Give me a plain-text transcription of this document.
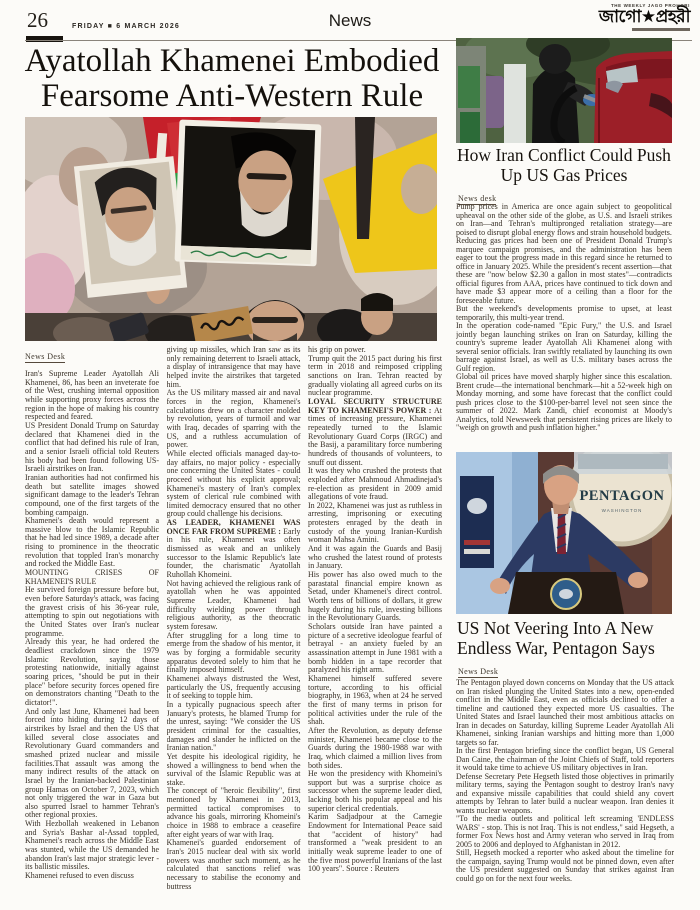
26	FRIDAY ■ 6 MARCH 2026	News
THE WEEKLY JAGO PROHORI
জাগো★প্রহরী
Ayatollah Khamenei Embodied Fearsome Anti-Western Rule
News Desk

Iran's Supreme Leader Ayatollah Ali Khamenei, 86, has been an inveterate foe of the West, crushing internal opposition while supporting proxy forces across the region in the hope of making his country respected and feared.

US President Donald Trump on Saturday declared that Khamenei died in the conflict that had defined his rule of Iran, and a senior Israeli official told Reuters his body had been found following US-Israeli airstrikes on Iran.

Iranian authorities had not confirmed his death but satellite images showed significant damage to the leader's Tehran compound, one of the first targets of the bombing campaign.

Khamenei's death would represent a massive blow to the Islamic Republic that he had led since 1989, a decade after rising to prominence in the theocratic revolution that toppled Iran's monarchy and rocked the Middle East.

MOUNTING CRISES OF KHAMENEI'S RULE

He survived foreign pressure before but, even before Saturday's attack, was facing the gravest crisis of his 36-year rule, attempting to spin out negotiations with the United States over Iran's nuclear programme.

Already this year, he had ordered the deadliest crackdown since the 1979 Islamic Revolution, saying those protesting nationwide, initially against soaring prices, "should be put in their place" before security forces opened fire on demonstrators chanting "Death to the dictator!".

And only last June, Khamenei had been forced into hiding during 12 days of airstrikes by Israel and then the US that killed several close associates and Revolutionary Guard commanders and smashed prized nuclear and missile facilities.That assault was among the many indirect results of the attack on Israel by the Iranian-backed Palestinian group Hamas on October 7, 2023, which not only triggered the war in Gaza but also spurred Israel to hammer Tehran's other regional proxies.

With Hezbollah weakened in Lebanon and Syria's Bashar al-Assad toppled, Khamenei's reach across the Middle East was stunted, while the US demanded he abandon Iran's last major strategic lever - its ballistic missiles.

Khamenei refused to even discuss

giving up missiles, which Iran saw as its only remaining deterrent to Israeli attack, a display of intransigence that may have helped invite the airstrikes that targeted him.

As the US military massed air and naval forces in the region, Khamenei's calculations drew on a character molded by revolution, years of turmoil and war with Iraq, decades of sparring with the US, and a ruthless accumulation of power.

While elected officials managed day-to-day affairs, no major policy - especially one concerning the United States - could proceed without his explicit approval; Khamenei's mastery of Iran's complex system of clerical rule combined with limited democracy ensured that no other group could challenge his decisions.

AS LEADER, KHAMENEI WAS ONCE FAR FROM SUPREME : Early in his rule, Khamenei was often dismissed as weak and an unlikely successor to the Islamic Republic's late founder, the charismatic Ayatollah Ruhollah Khomeini.

Not having achieved the religious rank of ayatollah when he was appointed Supreme Leader, Khamenei had difficulty wielding power through religious authority, as the theocratic system foresaw.

After struggling for a long time to emerge from the shadow of his mentor, it was by forging a formidable security apparatus devoted solely to him that he finally imposed himself.

Khamenei always distrusted the West, particularly the US, frequently accusing it of seeking to topple him.

In a typically pugnacious speech after January's protests, he blamed Trump for the unrest, saying: "We consider the US president criminal for the casualties, damages and slander he inflicted on the Iranian nation."

Yet despite his ideological rigidity, he showed a willingness to bend when the survival of the Islamic Republic was at stake.

The concept of "heroic flexibility", first mentioned by Khamenei in 2013, permitted tactical compromises to advance his goals, mirroring Khomeini's choice in 1988 to embrace a ceasefire after eight years of war with Iraq.

Khamenei's guarded endorsement of Iran's 2015 nuclear deal with six world powers was another such moment, as he calculated that sanctions relief was necessary to stabilise the economy and buttress

his grip on power.

Trump quit the 2015 pact during his first term in 2018 and reimposed crippling sanctions on Iran. Tehran reacted by gradually violating all agreed curbs on its nuclear programme.

LOYAL SECURITY STRUCTURE KEY TO KHAMENEI'S POWER : At times of increasing pressure, Khamenei repeatedly turned to the Islamic Revolutionary Guard Corps (IRGC) and the Basij, a paramilitary force numbering hundreds of thousands of volunteers, to snuff out dissent.

It was they who crushed the protests that exploded after Mahmoud Ahmadinejad's re-election as president in 2009 amid allegations of vote fraud.

In 2022, Khamenei was just as ruthless in arresting, imprisoning or executing protesters enraged by the death in custody of the young Iranian-Kurdish woman Mahsa Amini.

And it was again the Guards and Basij who crushed the latest round of protests in January.

His power has also owed much to the parastatal financial empire known as Setad, under Khamenei's direct control. Worth tens of billions of dollars, it grew hugely during his rule, investing billions in the Revolutionary Guards.

Scholars outside Iran have painted a picture of a secretive ideologue fearful of betrayal - an anxiety fueled by an assassination attempt in June 1981 with a bomb hidden in a tape recorder that paralyzed his right arm.

Khamenei himself suffered severe torture, according to his official biography, in 1963, when at 24 he served the first of many terms in prison for political activities under the rule of the shah.

After the Revolution, as deputy defense minister, Khamenei became close to the Guards during the 1980-1988 war with Iraq, which claimed a million lives from both sides.

He won the presidency with Khomeini's support but was a surprise choice as successor when the supreme leader died, lacking both his popular appeal and his superior clerical credentials.

Karim Sadjadpour at the Carnegie Endowment for International Peace said that "accident of history" had transformed a "weak president to an initially weak supreme leader to one of the five most powerful Iranians of the last 100 years". Source : Reuters

How Iran Conflict Could Push Up US Gas Prices
News desk

Pump prices in America are once again subject to geopolitical upheaval on the other side of the globe, as U.S. and Israeli strikes on Iran—and Tehran's multipronged retaliation strategy—are poised to disrupt global energy flows and strain household budgets.

Reducing gas prices had been one of President Donald Trump's marquee campaign promises, and the administration has been eager to tout the progress made in this regard since he returned to office in January 2025. While the president's recent assertion—that these are "now below $2.30 a gallon in most states"—contradicts official figures from AAA, prices have continued to tick down and have made $3 appear more of a ceiling than a floor for the foreseeable future.

But the weekend's developments promise to upset, at least temporarily, this multi-year trend.

In the operation code-named "Epic Fury," the U.S. and Israel jointly began launching strikes on Iran on Saturday, killing the country's supreme leader Ayatollah Ali Khamenei along with several senior officials. Iran swiftly retaliated by launching its own barrage against Israel, as well as U.S. military bases across the Gulf region.

Global oil prices have moved sharply higher since this escalation. Brent crude—the international benchmark—hit a 52-week high on Monday morning, and some have forecast that the conflict could push prices close to the $100-per-barrel level not seen since the summer of 2022. Mark Zandi, chief economist at Moody's Analytics, told Newsweek that persistent rising prices are likely to "weigh on growth and push inflation higher."

PENTAGON
WASHINGTON
US Not Veering Into A New Endless War, Pentagon Says
News Desk

The Pentagon played down concerns on Monday that the US attack on Iran risked plunging the United States into a new, open-ended conflict in the Middle East, even as officials declined to offer a timeline and cautioned they expected more US casualties. The United States and Israel launched their most ambitious attacks on Iran in decades on Saturday, killing Supreme Leader Ayatollah Ali Khamenei, sinking Iranian warships and hitting more than 1,000 targets so far.

In the first Pentagon briefing since the conflict began, US General Dan Caine, the chairman of the Joint Chiefs of Staff, told reporters it would take time to achieve US military objectives in Iran.

Defense Secretary Pete Hegseth listed those objectives in primarily military terms, saying the Pentagon sought to destroy Iran's navy and expansive missile capabilities that could shield any covert attempts by Tehran to later build a nuclear weapon. Iran denies it wants nuclear weapons.

"To the media outlets and political left screaming 'ENDLESS WARS' - stop. This is not Iraq. This is not endless," said Hegseth, a former Fox News host and Army veteran who served in Iraq from 2005 to 2006 and deployed to Afghanistan in 2012.

Still, Hegseth mocked a reporter who asked about the timeline for the campaign, saying Trump would not be pinned down, even after the US president suggested on Sunday that strikes against Iran could go on for the next four weeks.
